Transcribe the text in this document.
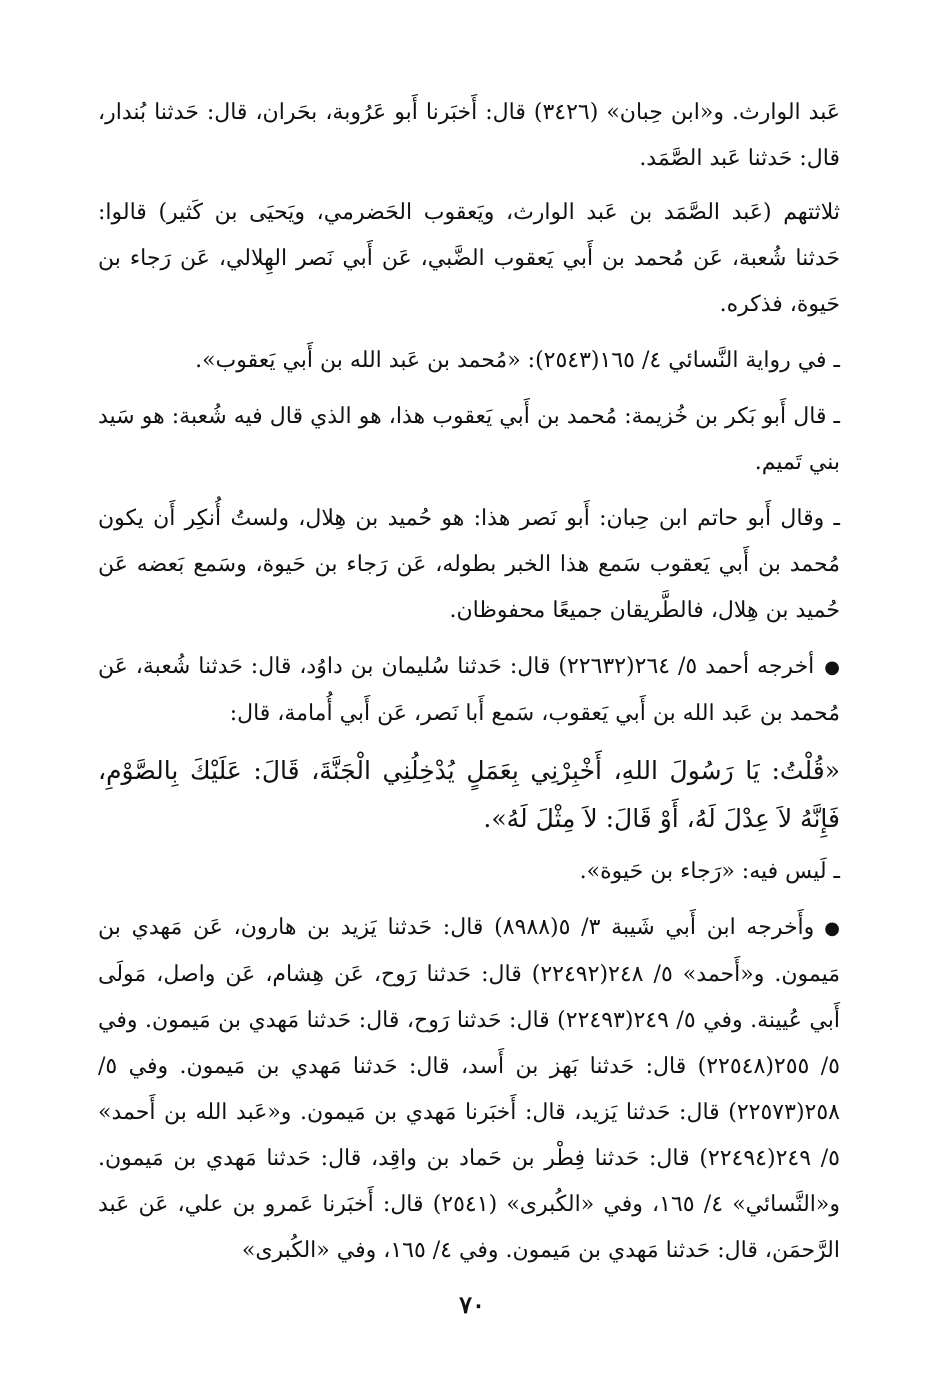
عَبد الوارث. و«ابن حِبان» (٣٤٢٦) قال: أَخبَرنا أَبو عَرُوبة، بحَران، قال: حَدثنا بُندار، قال: حَدثنا عَبد الصَّمَد.

ثلاثتهم (عَبد الصَّمَد بن عَبد الوارث، ويَعقوب الحَضرمي، ويَحيَى بن كَثير) قالوا: حَدثنا شُعبة، عَن مُحمد بن أَبي يَعقوب الضَّبي، عَن أَبي نَصر الهِلالي، عَن رَجاء بن حَيوة، فذكره.

ـ في رواية النَّسائي ٤/ ١٦٥(٢٥٤٣): «مُحمد بن عَبد الله بن أَبي يَعقوب».

ـ قال أَبو بَكر بن خُزيمة: مُحمد بن أَبي يَعقوب هذا، هو الذي قال فيه شُعبة: هو سَيد بني تَميم.

ـ وقال أَبو حاتم ابن حِبان: أَبو نَصر هذا: هو حُميد بن هِلال، ولستُ أُنكِر أَن يكون مُحمد بن أَبي يَعقوب سَمع هذا الخبر بطوله، عَن رَجاء بن حَيوة، وسَمع بَعضه عَن حُميد بن هِلال، فالطَّريقان جميعًا محفوظان.

●أخرجه أحمد ٥/ ٢٦٤(٢٢٦٣٢) قال: حَدثنا سُليمان بن داوُد، قال: حَدثنا شُعبة، عَن مُحمد بن عَبد الله بن أَبي يَعقوب، سَمع أَبا نَصر، عَن أَبي أُمامة، قال:

«قُلْتُ: يَا رَسُولَ اللهِ، أَخْبِرْنِي بِعَمَلٍ يُدْخِلُنِي الْجَنَّةَ، قَالَ: عَلَيْكَ بِالصَّوْمِ، فَإِنَّهُ لاَ عِدْلَ لَهُ، أَوْ قَالَ: لاَ مِثْلَ لَهُ».

ـ لَيس فيه: «رَجاء بن حَيوة».

●وأَخرجه ابن أَبي شَيبة ٣/ ٥(٨٩٨٨) قال: حَدثنا يَزيد بن هارون، عَن مَهدي بن مَيمون. و«أَحمد» ٥/ ٢٤٨(٢٢٤٩٢) قال: حَدثنا رَوح، عَن هِشام، عَن واصل، مَولَى أَبي عُيينة. وفي ٥/ ٢٤٩(٢٢٤٩٣) قال: حَدثنا رَوح، قال: حَدثنا مَهدي بن مَيمون. وفي ٥/ ٢٥٥(٢٢٥٤٨) قال: حَدثنا بَهز بن أَسد، قال: حَدثنا مَهدي بن مَيمون. وفي ٥/ ٢٥٨(٢٢٥٧٣) قال: حَدثنا يَزيد، قال: أَخبَرنا مَهدي بن مَيمون. و«عَبد الله بن أَحمد» ٥/ ٢٤٩(٢٢٤٩٤) قال: حَدثنا فِطْر بن حَماد بن واقِد، قال: حَدثنا مَهدي بن مَيمون. و«النَّسائي» ٤/ ١٦٥، وفي «الكُبرى» (٢٥٤١) قال: أَخبَرنا عَمرو بن علي، عَن عَبد الرَّحمَن، قال: حَدثنا مَهدي بن مَيمون. وفي ٤/ ١٦٥، وفي «الكُبرى»

٧٠
